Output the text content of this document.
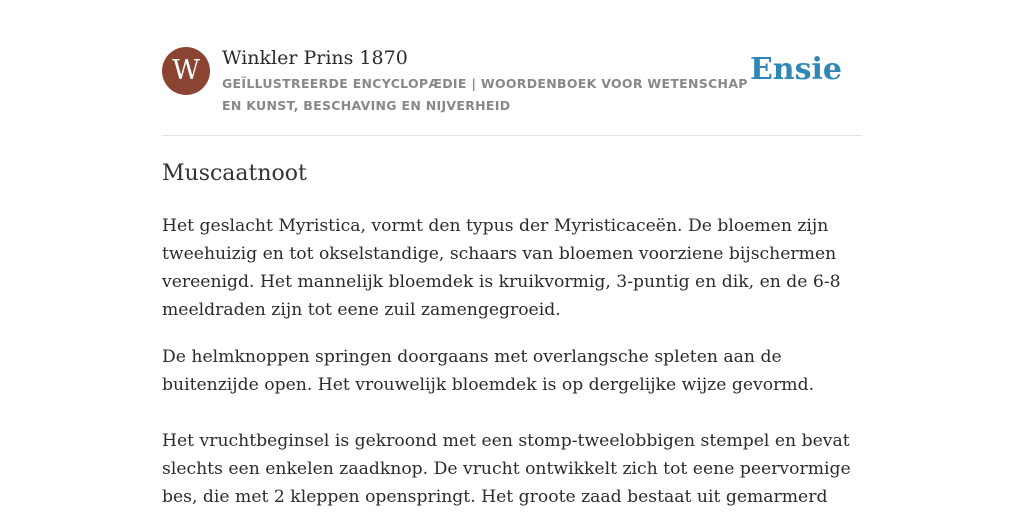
W	Winkler Prins 1870
GEÏLLUSTREERDE ENCYCLOPÆDIE | WOORDENBOEK VOOR WETENSCHAP EN KUNST, BESCHAVING EN NIJVERHEID
Ensie
Muscaatnoot

Het geslacht Myristica, vormt den typus der Myristicaceën. De bloemen zijn tweehuizig en tot okselstandige, schaars van bloemen voorziene bijschermen vereenigd. Het mannelijk bloemdek is kruikvormig, 3-puntig en dik, en de 6-8 meeldraden zijn tot eene zuil zamengegroeid.

De helmknoppen springen doorgaans met overlangsche spleten aan de buitenzijde open. Het vrouwelijk bloemdek is op dergelijke wijze gevormd.

Het vruchtbeginsel is gekroond met een stomp-tweelobbigen stempel en bevat slechts een enkelen zaadknop. De vrucht ontwikkelt zich tot eene peervormige bes, die met 2 kleppen openspringt. Het groote zaad bestaat uit gemarmerd
